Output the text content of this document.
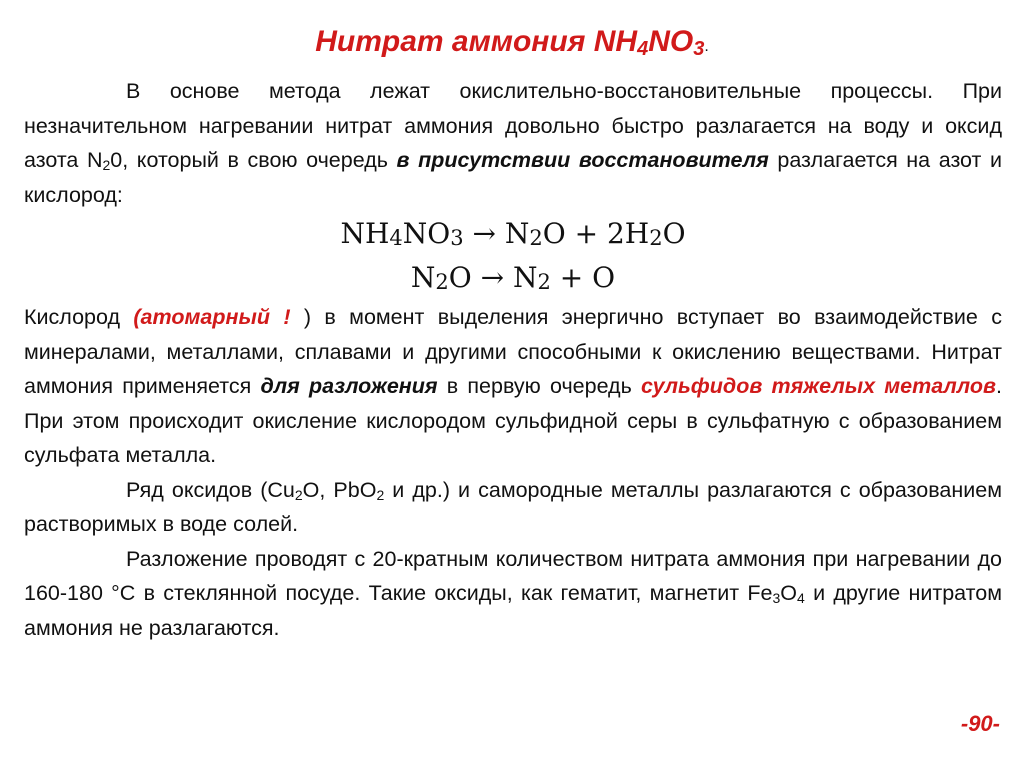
Нитрат аммония $NH_4NO_3$.

В основе метода лежат окислительно-восстановительные процессы. При незначительном нагревании нитрат аммония довольно быстро разлагается на воду и оксид азота $N_20$, который в свою очередь в присутствии восстановителя разлагается на азот и кислород:

$NH_4NO_3 \to N_2O + 2H_2O$
$N_2O \to N_2 + O$

Кислород (атомарный ! ) в момент выделения энергично вступает во взаимодействие с минералами, металлами, сплавами и другими способными к окислению веществами. Нитрат аммония применяется для разложения в первую очередь сульфидов тяжелых металлов. При этом происходит окисление кислородом сульфидной серы в сульфатную с образованием сульфата металла.

Ряд оксидов ($Cu_2O$, PbO$_2$ и др.) и самородные металлы разлагаются с образованием растворимых в воде солей.

Разложение проводят с 20-кратным количеством нитрата аммония при нагревании до 160-180 °С в стеклянной посуде. Такие оксиды, как гематит, магнетит $Fe_3O_4$ и другие нитратом аммония не разлагаются.

-90-
